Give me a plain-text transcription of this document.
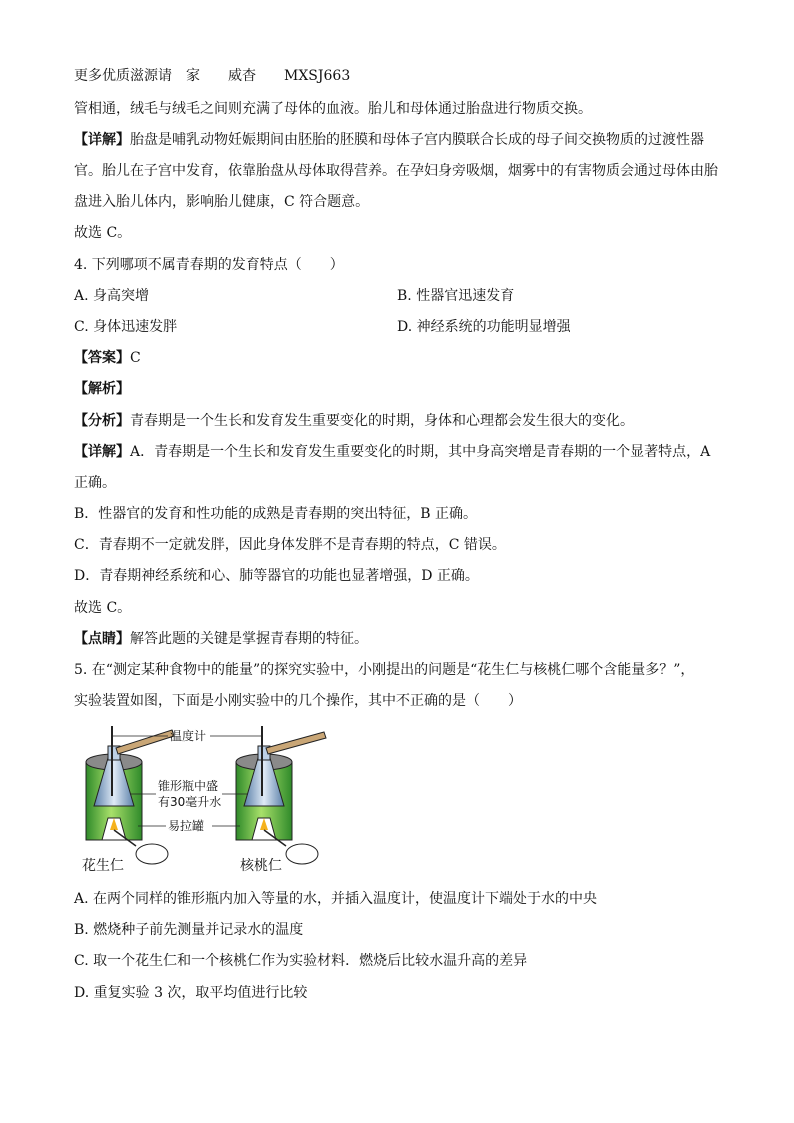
更多优质滋源请　家　　威杳　　MXSJ663
管相通，绒毛与绒毛之间则充满了母体的血液。胎儿和母体通过胎盘进行物质交换。
【详解】胎盘是哺乳动物妊娠期间由胚胎的胚膜和母体子宫内膜联合长成的母子间交换物质的过渡性器
官。胎儿在子宫中发育，依靠胎盘从母体取得营养。在孕妇身旁吸烟，烟雾中的有害物质会通过母体由胎
盘进入胎儿体内，影响胎儿健康，C 符合题意。
故选 C。
4. 下列哪项不属青春期的发育特点（　　）
A. 身高突增	B. 性器官迅速发育
C. 身体迅速发胖	D. 神经系统的功能明显增强
【答案】C
【解析】
【分析】青春期是一个生长和发育发生重要变化的时期，身体和心理都会发生很大的变化。
【详解】A．青春期是一个生长和发育发生重要变化的时期，其中身高突增是青春期的一个显著特点，A
正确。
B．性器官的发育和性功能的成熟是青春期的突出特征，B 正确。
C．青春期不一定就发胖，因此身体发胖不是青春期的特点，C 错误。
D．青春期神经系统和心、肺等器官的功能也显著增强，D 正确。
故选 C。
【点睛】解答此题的关键是掌握青春期的特征。
5. 在“测定某种食物中的能量”的探究实验中，小刚提出的问题是“花生仁与核桃仁哪个含能量多？”，
实验装置如图，下面是小刚实验中的几个操作，其中不正确的是（　　）
花生仁	核桃仁
温度计
锥形瓶中盛
有30毫升水
易拉罐
A. 在两个同样的锥形瓶内加入等量的水，并插入温度计，使温度计下端处于水的中央
B. 燃烧种子前先测量并记录水的温度
C. 取一个花生仁和一个核桃仁作为实验材料．燃烧后比较水温升高的差异
D. 重复实验 3 次，取平均值进行比较
